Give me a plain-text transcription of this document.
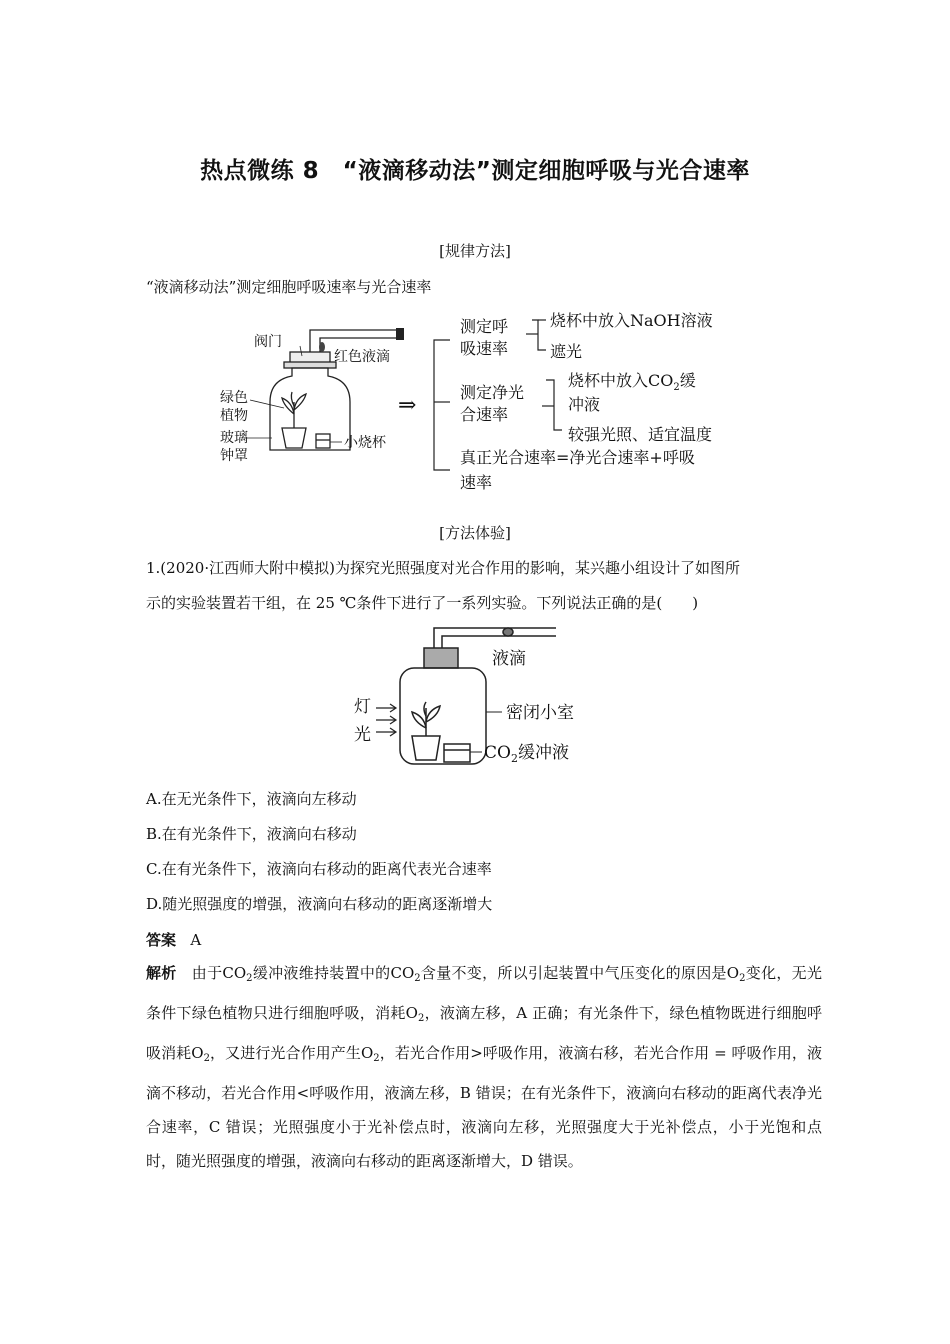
热点微练 8　“液滴移动法”测定细胞呼吸与光合速率
[规律方法]
“液滴移动法”测定细胞呼吸速率与光合速率
阀门
红色液滴
绿色
植物
玻璃
钟罩
小烧杯
⇒
测定呼
吸速率
烧杯中放入NaOH溶液
遮光
测定净光
合速率
烧杯中放入$CO_2$缓
冲液
较强光照、适宜温度
真正光合速率=净光合速率+呼吸
速率
[方法体验]
1.(2020·江西师大附中模拟)为探究光照强度对光合作用的影响，某兴趣小组设计了如图所
示的实验装置若干组，在 25 ℃条件下进行了一系列实验。下列说法正确的是(　　)
液滴
灯
光
密闭小室
$CO_2$缓冲液
A.在无光条件下，液滴向左移动
B.在有光条件下，液滴向右移动
C.在有光条件下，液滴向右移动的距离代表光合速率
D.随光照强度的增强，液滴向右移动的距离逐渐增大
答案 A
解析 由于$CO_2$缓冲液维持装置中的$CO_2$含量不变，所以引起装置中气压变化的原因是$O_2$变化，无光条件下绿色植物只进行细胞呼吸，消耗$O_2$，液滴左移，A 正确；有光条件下，绿色植物既进行细胞呼吸消耗$O_2$，又进行光合作用产生$O_2$，若光合作用>呼吸作用，液滴右移，若光合作用 = 呼吸作用，液滴不移动，若光合作用<呼吸作用，液滴左移，B 错误；在有光条件下，液滴向右移动的距离代表净光合速率，C 错误；光照强度小于光补偿点时，液滴向左移，光照强度大于光补偿点，小于光饱和点时，随光照强度的增强，液滴向右移动的距离逐渐增大，D 错误。
